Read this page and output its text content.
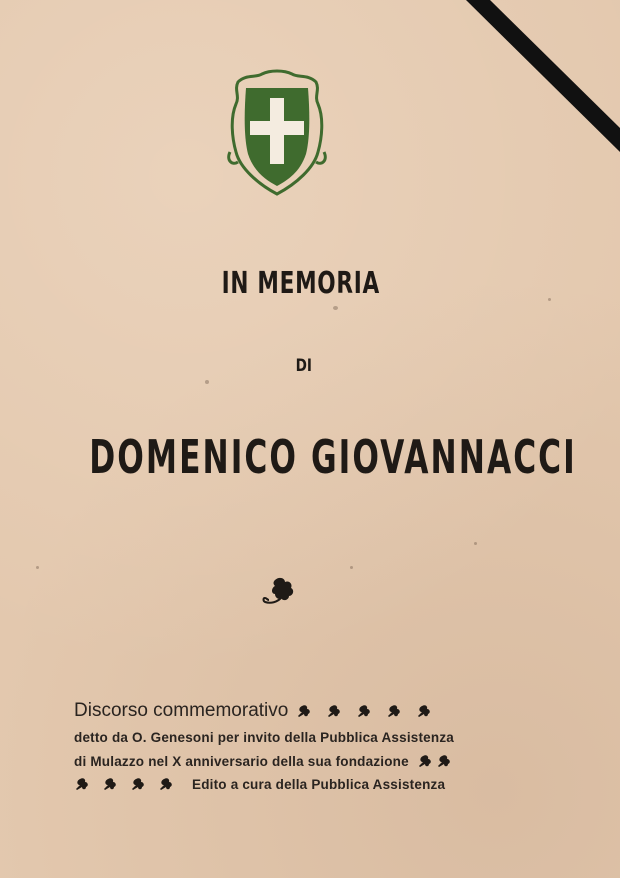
IN MEMORIA
DI
DOMENICO GIOVANNACCI
Discorso commemorativo
detto da O. Genesoni per invito della Pubblica Assistenza
di Mulazzo nel X anniversario della sua fondazione
Edito a cura della Pubblica Assistenza
